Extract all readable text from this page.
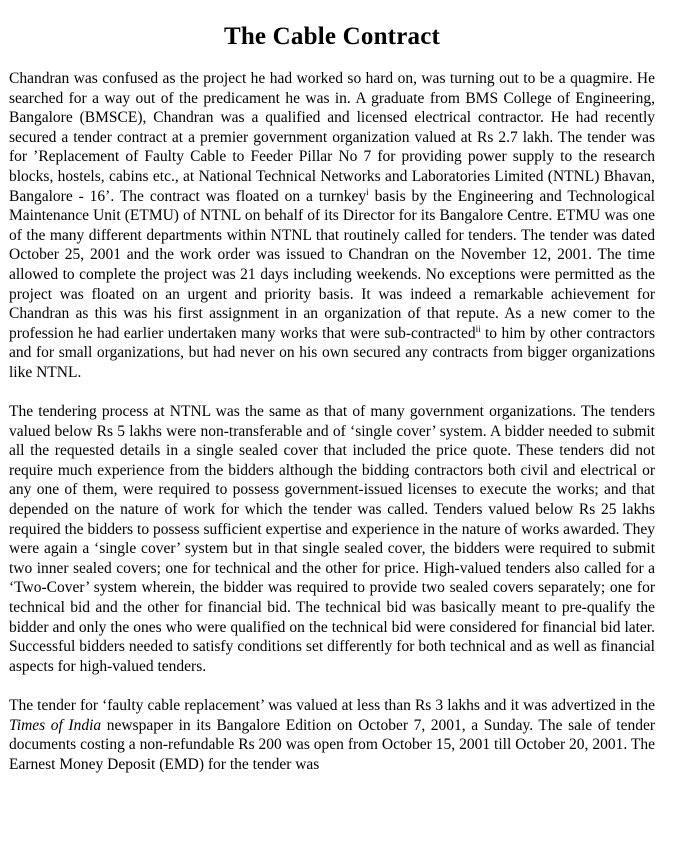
The Cable Contract

Chandran was confused as the project he had worked so hard on, was turning out to be a quagmire. He searched for a way out of the predicament he was in. A graduate from BMS College of Engineering, Bangalore (BMSCE), Chandran was a qualified and licensed electrical contractor. He had recently secured a tender contract at a premier government organization valued at Rs 2.7 lakh. The tender was for ’Replacement of Faulty Cable to Feeder Pillar No 7 for providing power supply to the research blocks, hostels, cabins etc., at National Technical Networks and Laboratories Limited (NTNL) Bhavan, Bangalore - 16’. The contract was floated on a turnkey$^i$ basis by the Engineering and Technological Maintenance Unit (ETMU) of NTNL on behalf of its Director for its Bangalore Centre. ETMU was one of the many different departments within NTNL that routinely called for tenders. The tender was dated October 25, 2001 and the work order was issued to Chandran on the November 12, 2001. The time allowed to complete the project was 21 days including weekends. No exceptions were permitted as the project was floated on an urgent and priority basis. It was indeed a remarkable achievement for Chandran as this was his first assignment in an organization of that repute. As a new comer to the profession he had earlier undertaken many works that were sub-contracted$^{ii}$ to him by other contractors and for small organizations, but had never on his own secured any contracts from bigger organizations like NTNL.

The tendering process at NTNL was the same as that of many government organizations. The tenders valued below Rs 5 lakhs were non-transferable and of ‘single cover’ system. A bidder needed to submit all the requested details in a single sealed cover that included the price quote. These tenders did not require much experience from the bidders although the bidding contractors both civil and electrical or any one of them, were required to possess government-issued licenses to execute the works; and that depended on the nature of work for which the tender was called. Tenders valued below Rs 25 lakhs required the bidders to possess sufficient expertise and experience in the nature of works awarded. They were again a ‘single cover’ system but in that single sealed cover, the bidders were required to submit two inner sealed covers; one for technical and the other for price. High-valued tenders also called for a ‘Two-Cover’ system wherein, the bidder was required to provide two sealed covers separately; one for technical bid and the other for financial bid. The technical bid was basically meant to pre-qualify the bidder and only the ones who were qualified on the technical bid were considered for financial bid later. Successful bidders needed to satisfy conditions set differently for both technical and as well as financial aspects for high-valued tenders.

The tender for ‘faulty cable replacement’ was valued at less than Rs 3 lakhs and it was advertized in the Times of India newspaper in its Bangalore Edition on October 7, 2001, a Sunday. The sale of tender documents costing a non-refundable Rs 200 was open from October 15, 2001 till October 20, 2001. The Earnest Money Deposit (EMD) for the tender was
